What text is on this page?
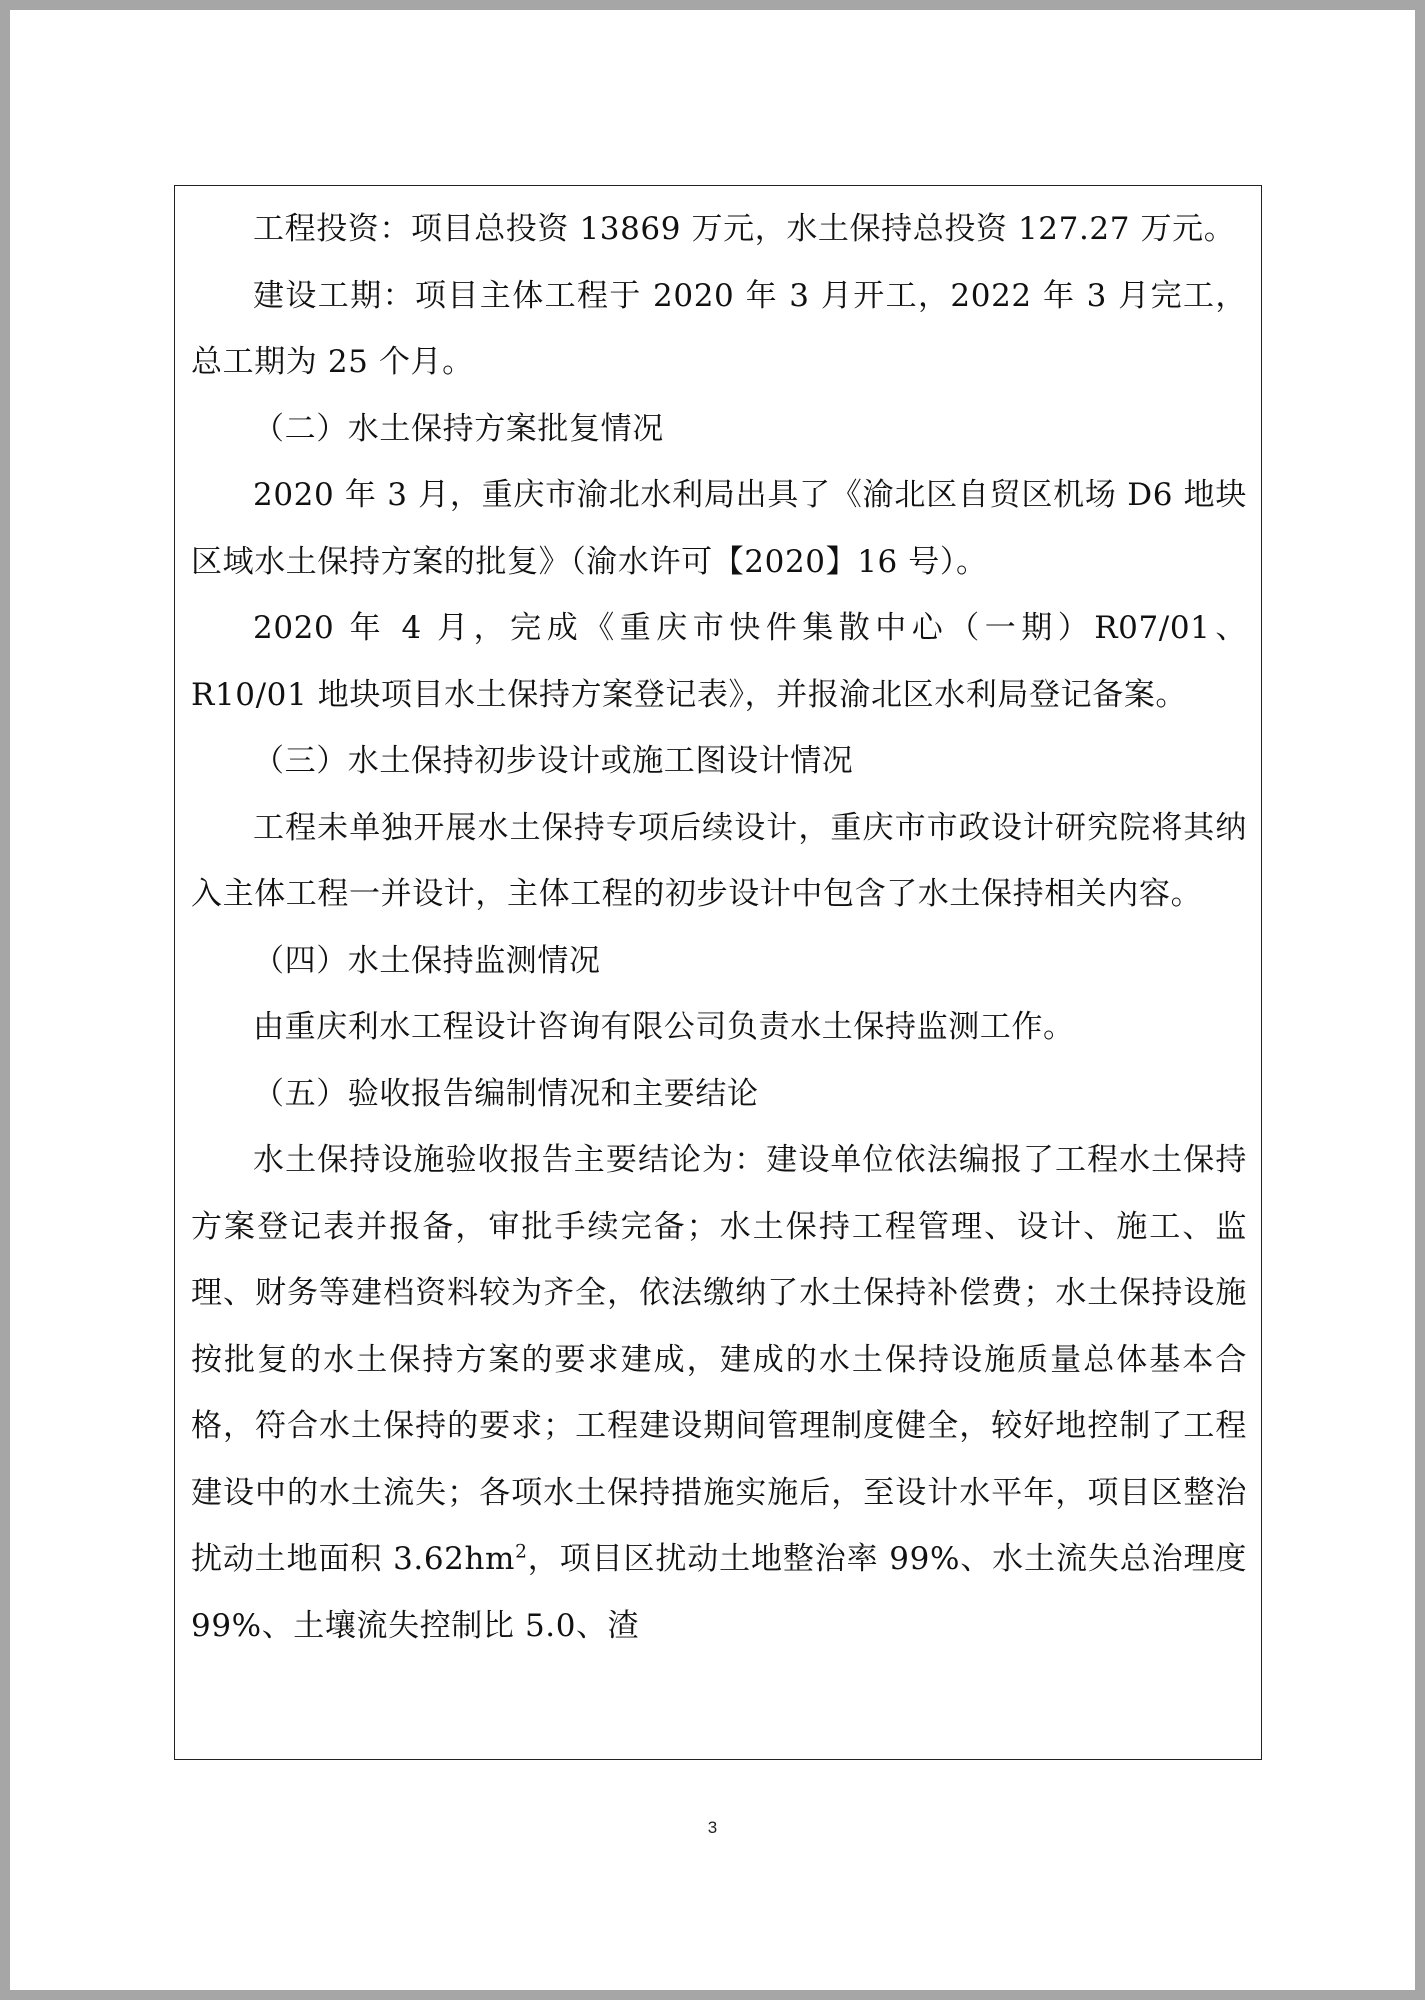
工程投资：项目总投资 13869 万元，水土保持总投资 127.27 万元。

建设工期：项目主体工程于 2020 年 3 月开工，2022 年 3 月完工，总工期为 25 个月。

（二）水土保持方案批复情况

2020 年 3 月，重庆市渝北水利局出具了《渝北区自贸区机场 D6 地块区域水土保持方案的批复》（渝水许可【2020】16 号）。

2020 年 4 月，完成《重庆市快件集散中心（一期）R07/01、R10/01 地块项目水土保持方案登记表》，并报渝北区水利局登记备案。

（三）水土保持初步设计或施工图设计情况

工程未单独开展水土保持专项后续设计，重庆市市政设计研究院将其纳入主体工程一并设计，主体工程的初步设计中包含了水土保持相关内容。

（四）水土保持监测情况

由重庆利水工程设计咨询有限公司负责水土保持监测工作。

（五）验收报告编制情况和主要结论

水土保持设施验收报告主要结论为：建设单位依法编报了工程水土保持方案登记表并报备，审批手续完备；水土保持工程管理、设计、施工、监理、财务等建档资料较为齐全，依法缴纳了水土保持补偿费；水土保持设施按批复的水土保持方案的要求建成，建成的水土保持设施质量总体基本合格，符合水土保持的要求；工程建设期间管理制度健全，较好地控制了工程建设中的水土流失；各项水土保持措施实施后，至设计水平年，项目区整治扰动土地面积 $3.62hm^2$，项目区扰动土地整治率 99%、水土流失总治理度 99%、土壤流失控制比 5.0、渣

3
